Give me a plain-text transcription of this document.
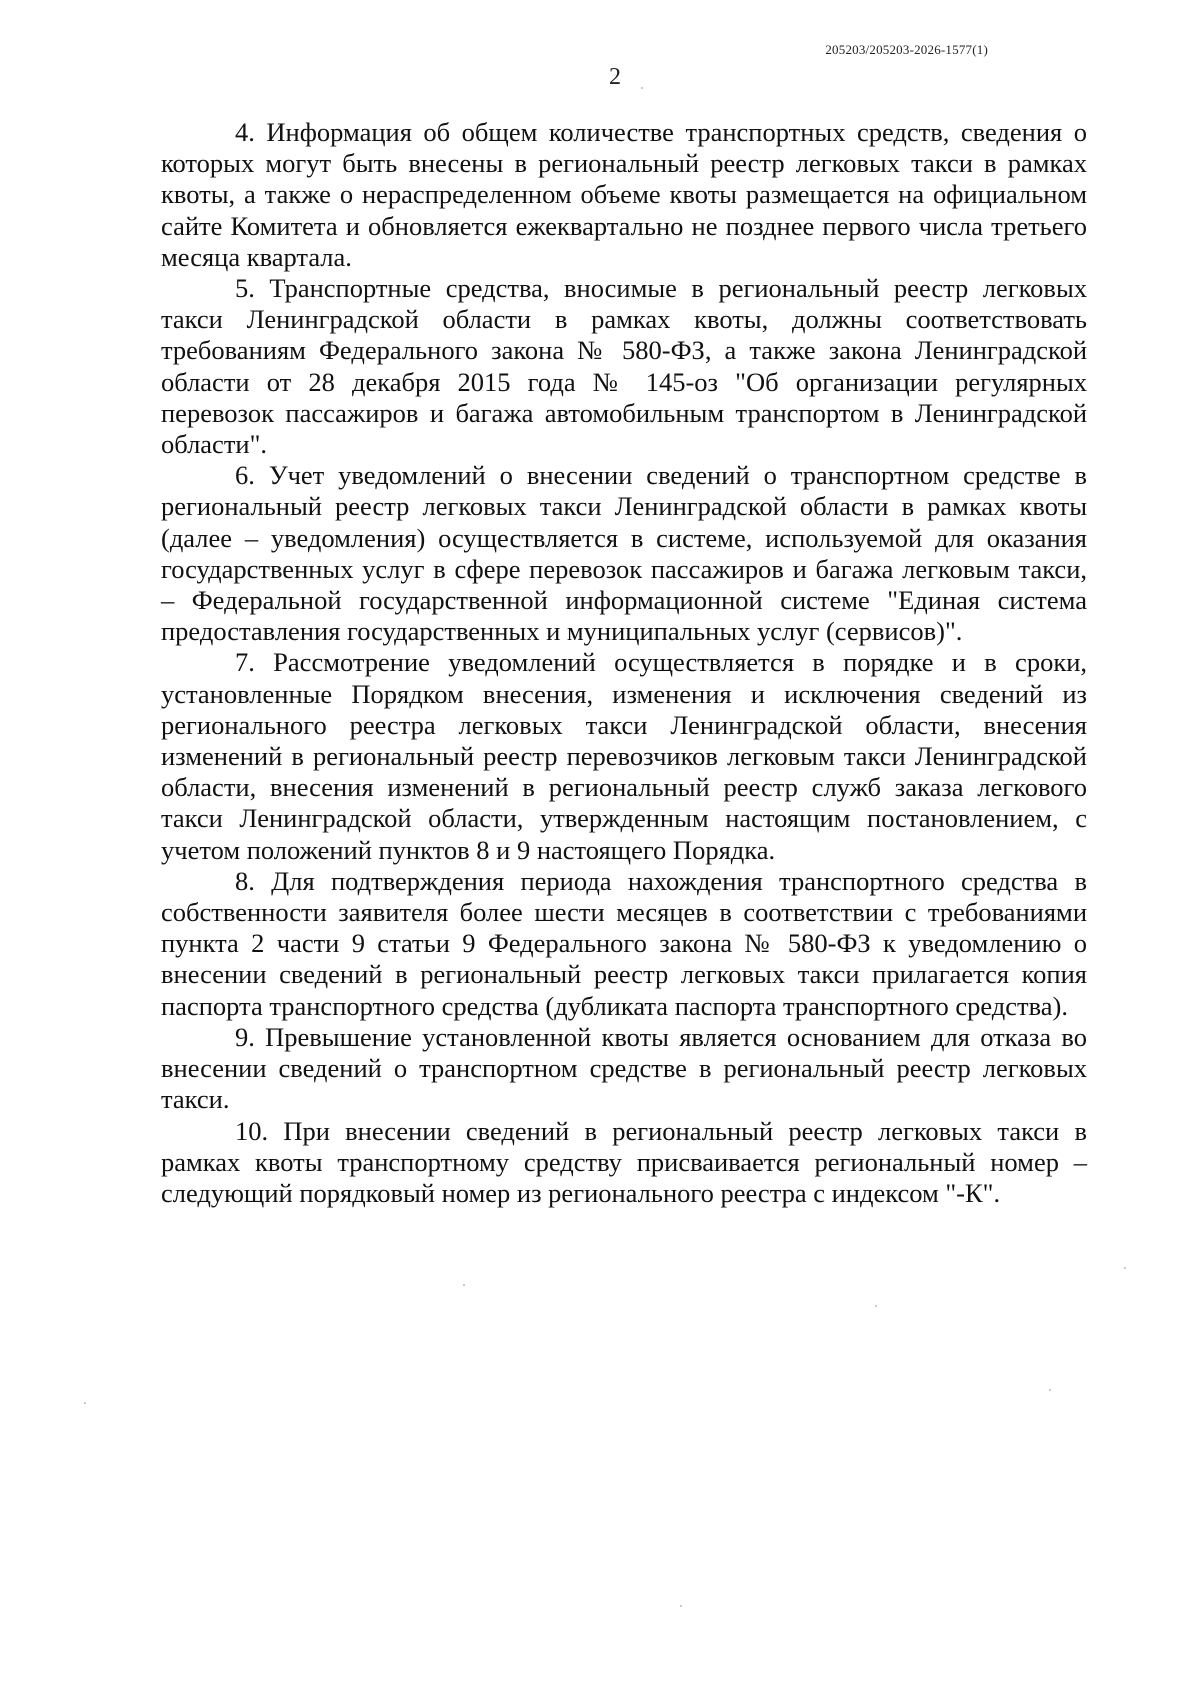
205203/205203-2026-1577(1)
2

4. Информация об общем количестве транспортных средств, сведения о которых могут быть внесены в региональный реестр легковых такси в рамках квоты, а также о нераспределенном объеме квоты размещается на официальном сайте Комитета и обновляется ежеквартально не позднее первого числа третьего месяца квартала.

5. Транспортные средства, вносимые в региональный реестр легковых такси Ленинградской области в рамках квоты, должны соответствовать требованиям Федерального закона № 580-ФЗ, а также закона Ленинградской области от 28 декабря 2015 года № 145-оз "Об организации регулярных перевозок пассажиров и багажа автомобильным транспортом в Ленинградской области".

6. Учет уведомлений о внесении сведений о транспортном средстве в региональный реестр легковых такси Ленинградской области в рамках квоты (далее – уведомления) осуществляется в системе, используемой для оказания государственных услуг в сфере перевозок пассажиров и багажа легковым такси, – Федеральной государственной информационной системе "Единая система предоставления государственных и муниципальных услуг (сервисов)".

7. Рассмотрение уведомлений осуществляется в порядке и в сроки, установленные Порядком внесения, изменения и исключения сведений из регионального реестра легковых такси Ленинградской области, внесения изменений в региональный реестр перевозчиков легковым такси Ленинградской области, внесения изменений в региональный реестр служб заказа легкового такси Ленинградской области, утвержденным настоящим постановлением, с учетом положений пунктов 8 и 9 настоящего Порядка.

8. Для подтверждения периода нахождения транспортного средства в собственности заявителя более шести месяцев в соответствии с требованиями пункта 2 части 9 статьи 9 Федерального закона № 580-ФЗ к уведомлению о внесении сведений в региональный реестр легковых такси прилагается копия паспорта транспортного средства (дубликата паспорта транспортного средства).

9. Превышение установленной квоты является основанием для отказа во внесении сведений о транспортном средстве в региональный реестр легковых такси.

10. При внесении сведений в региональный реестр легковых такси в рамках квоты транспортному средству присваивается региональный номер – следующий порядковый номер из регионального реестра с индексом "-К".
